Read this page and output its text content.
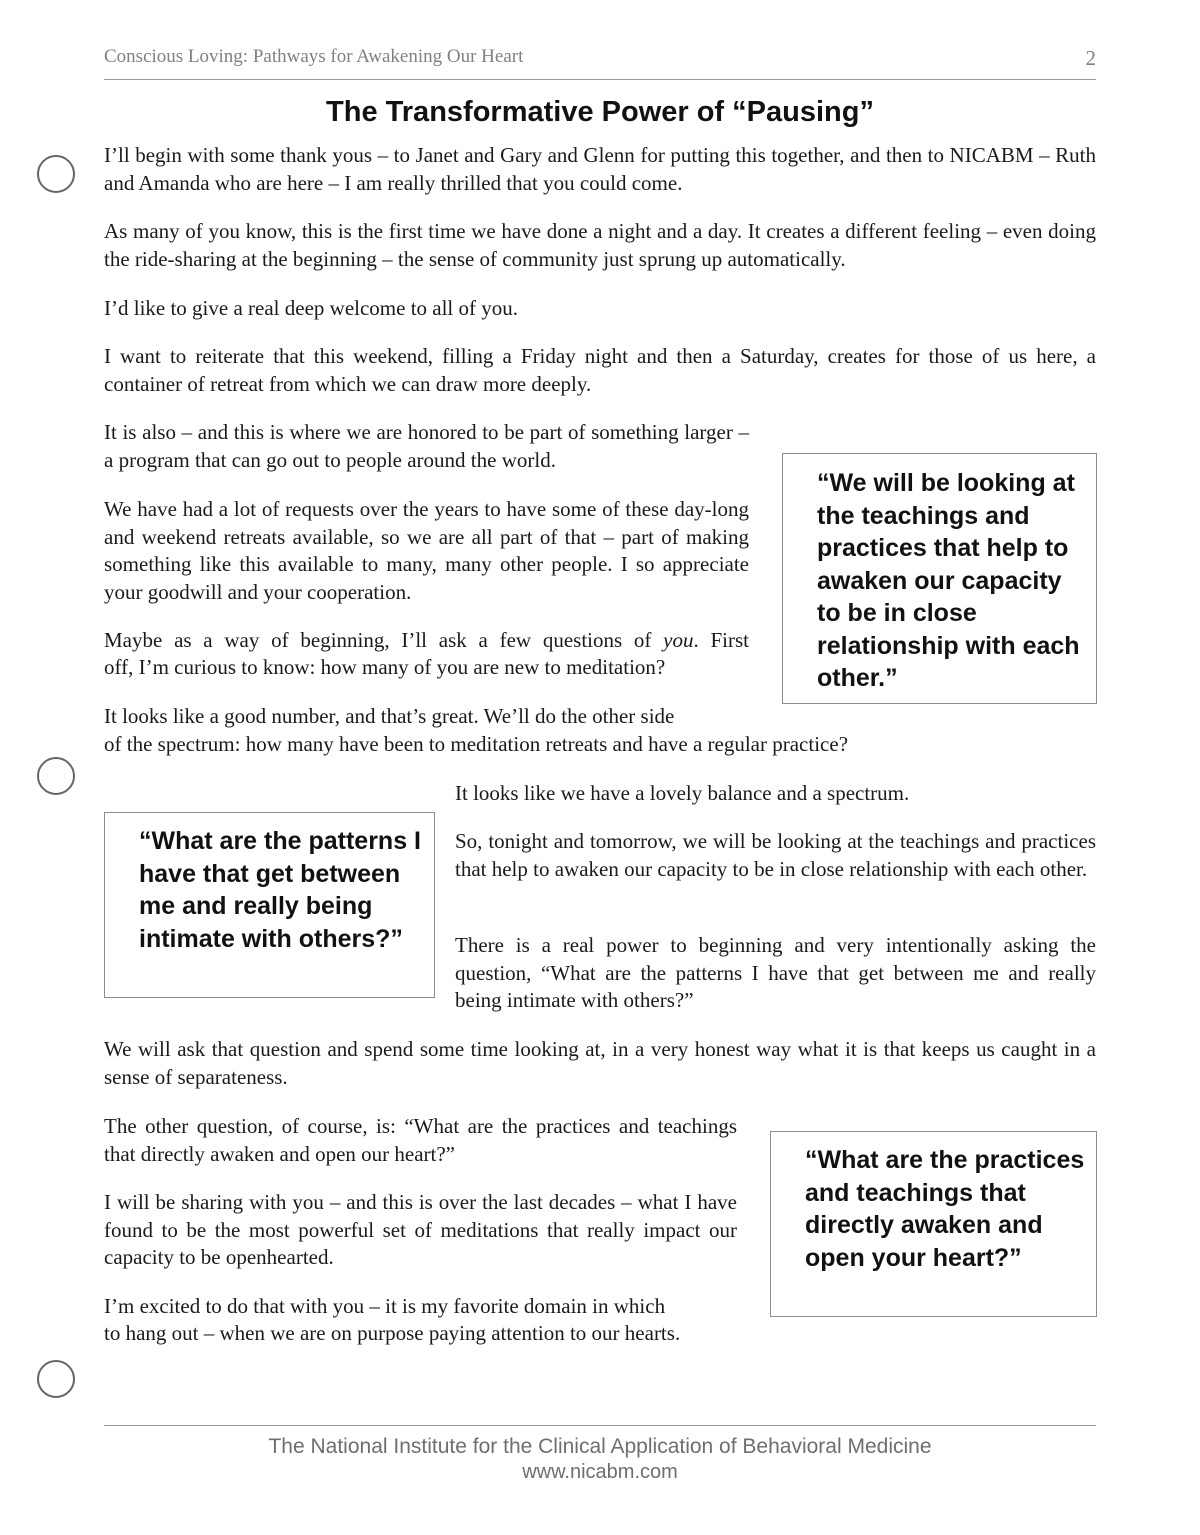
Conscious Loving: Pathways for Awakening Our Heart	2
The Transformative Power of “Pausing”

I’ll begin with some thank yous – to Janet and Gary and Glenn for putting this together, and then to NICABM – Ruth and Amanda who are here – I am really thrilled that you could come.

As many of you know, this is the first time we have done a night and a day. It creates a different feeling – even doing the ride-sharing at the beginning – the sense of community just sprung up automatically.

I’d like to give a real deep welcome to all of you.

I want to reiterate that this weekend, filling a Friday night and then a Saturday, creates for those of us here, a container of retreat from which we can draw more deeply.

It is also – and this is where we are honored to be part of something larger – a program that can go out to people around the world.

We have had a lot of requests over the years to have some of these day-long and weekend retreats available, so we are all part of that – part of making something like this available to many, many other people. I so appreciate your goodwill and your cooperation.

Maybe as a way of beginning, I’ll ask a few questions of you. First

off, I’m curious to know: how many of you are new to meditation?

It looks like a good number, and that’s great. We’ll do the other side

of the spectrum: how many have been to meditation retreats and have a regular practice?

It looks like we have a lovely balance and a spectrum.

So, tonight and tomorrow, we will be looking at the teachings and practices that help to awaken our capacity to be in close relationship with each other.

There is a real power to beginning and very intentionally asking the question, “What are the patterns I have that get between me and really being intimate with others?”

We will ask that question and spend some time looking at, in a very honest way what it is that keeps us caught in a sense of separateness.

The other question, of course, is: “What are the practices and teachings that directly awaken and open our heart?”

I will be sharing with you – and this is over the last decades – what I have found to be the most powerful set of meditations that really impact our capacity to be openhearted.

I’m excited to do that with you – it is my favorite domain in which

to hang out – when we are on purpose paying attention to our hearts.

“We will be looking at the teachings and practices that help to awaken our capacity to be in close relationship with each other.”

“What are the patterns I have that get between me and really being intimate with others?”

“What are the practices and teachings that directly awaken and open your heart?”

The National Institute for the Clinical Application of Behavioral Medicine
www.nicabm.com
